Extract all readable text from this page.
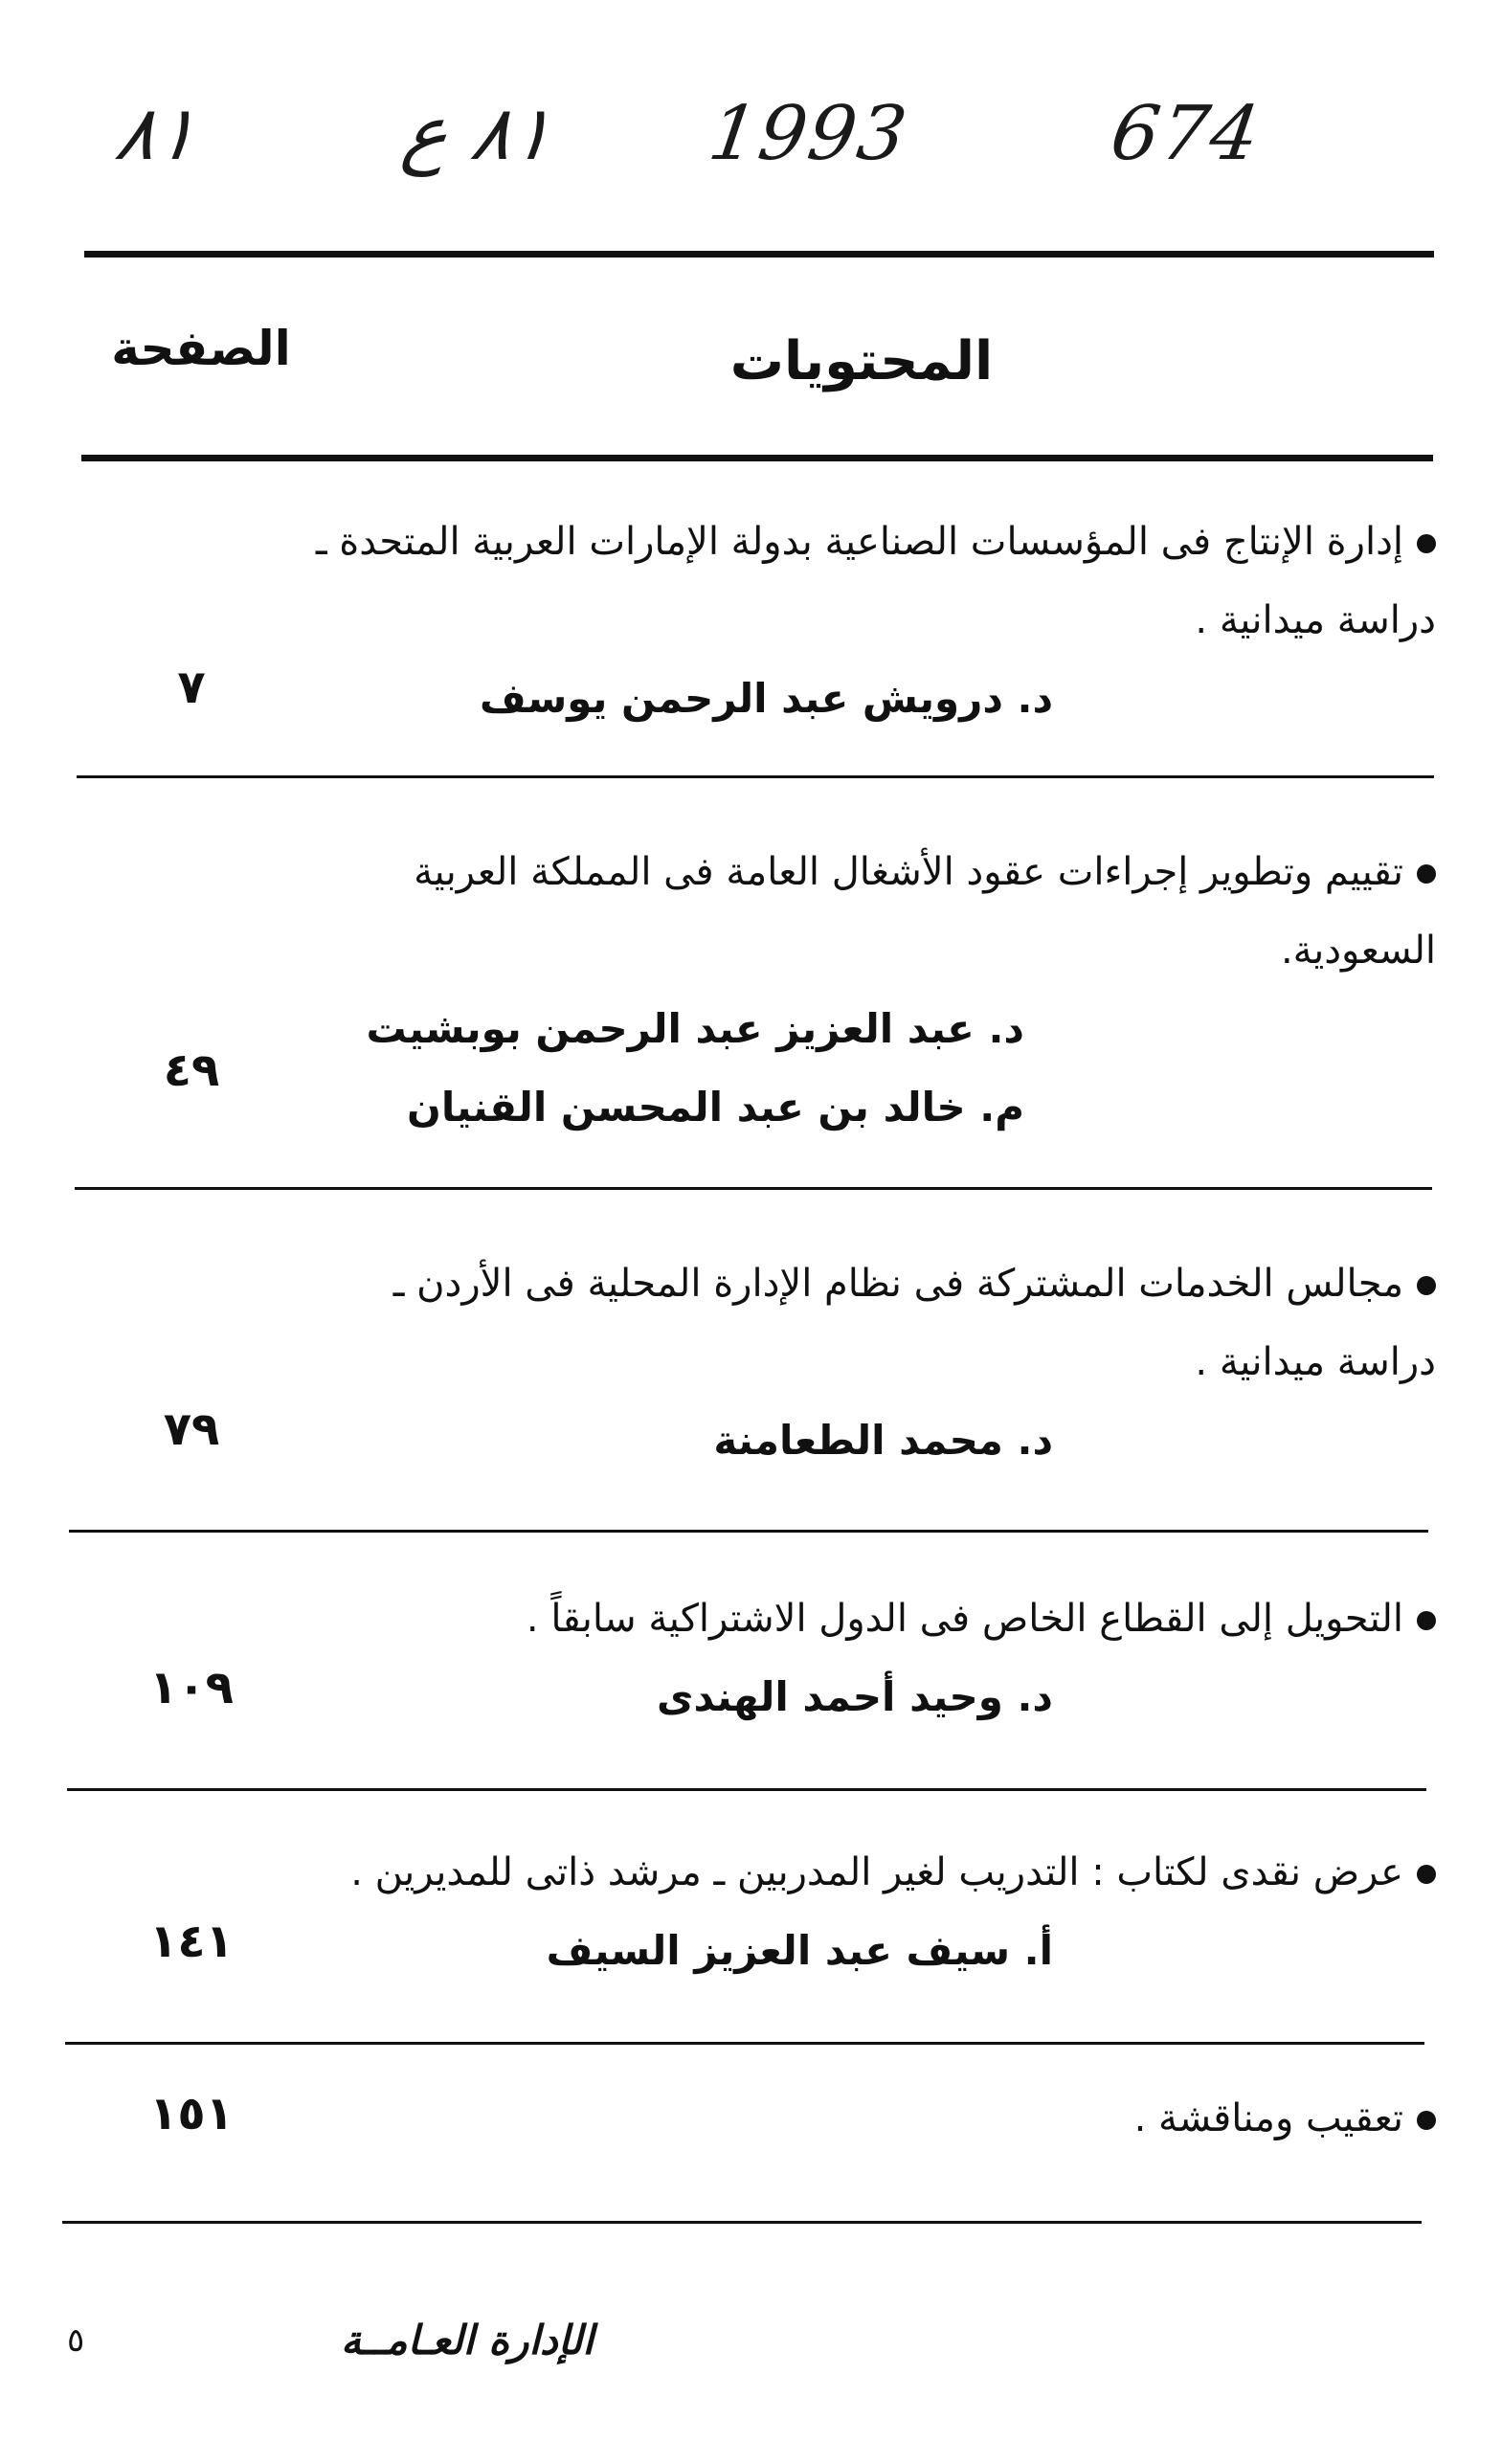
٨١	٨١ ع 1993	674
المحتويات
الصفحة
إدارة الإنتاج فى المؤسسات الصناعية بدولة الإمارات العربية المتحدة ـ دراسة ميدانية .
د. درويش عبد الرحمن يوسف
٧
تقييم وتطوير إجراءات عقود الأشغال العامة فى المملكة العربية السعودية.
د. عبد العزيز عبد الرحمن بوبشيت
م. خالد بن عبد المحسن القنيان
٤٩
مجالس الخدمات المشتركة فى نظام الإدارة المحلية فى الأردن ـ دراسة ميدانية .
د. محمد الطعامنة
٧٩
التحويل إلى القطاع الخاص فى الدول الاشتراكية سابقاً .
د. وحيد أحمد الهندى
١٠٩
عرض نقدى لكتاب : التدريب لغير المدربين ـ مرشد ذاتى للمديرين .
أ. سيف عبد العزيز السيف
١٤١
تعقيب ومناقشة .
١٥١
الإدارة العـامــة
٥
